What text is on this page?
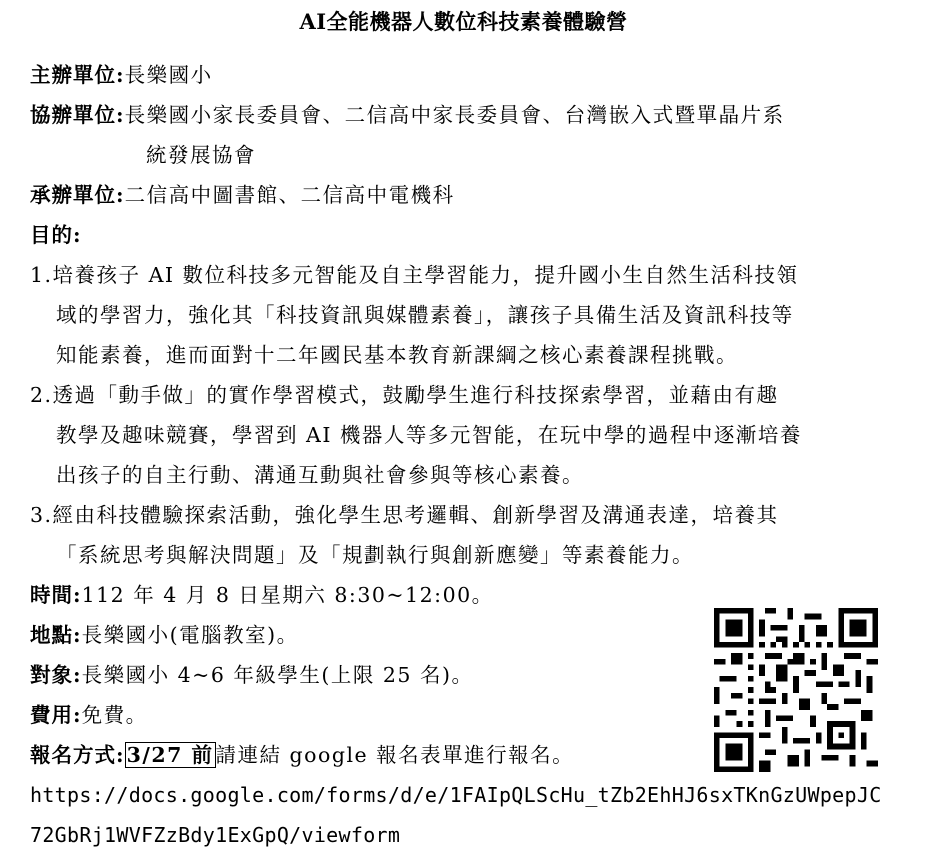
AI全能機器人數位科技素養體驗營
主辦單位:長樂國小
協辦單位:長樂國小家長委員會、二信高中家長委員會、台灣嵌入式暨單晶片系
統發展協會
承辦單位:二信高中圖書館、二信高中電機科
目的:
1.培養孩子 AI 數位科技多元智能及自主學習能力，提升國小生自然生活科技領
域的學習力，強化其「科技資訊與媒體素養」，讓孩子具備生活及資訊科技等
知能素養，進而面對十二年國民基本教育新課綱之核心素養課程挑戰。
2.透過「動手做」的實作學習模式，鼓勵學生進行科技探索學習，並藉由有趣
教學及趣味競賽，學習到 AI 機器人等多元智能，在玩中學的過程中逐漸培養
出孩子的自主行動、溝通互動與社會參與等核心素養。
3.經由科技體驗探索活動，強化學生思考邏輯、創新學習及溝通表達，培養其
「系統思考與解決問題」及「規劃執行與創新應變」等素養能力。
時間:112 年 4 月 8 日星期六 8:30~12:00。
地點:長樂國小(電腦教室)。
對象:長樂國小 4~6 年級學生(上限 25 名)。
費用:免費。
報名方式:3/27 前請連結 google 報名表單進行報名。
https://docs.google.com/forms/d/e/1FAIpQLScHu_tZb2EhHJ6sxTKnGzUWpepJC
72GbRj1WVFZzBdy1ExGpQ/viewform
